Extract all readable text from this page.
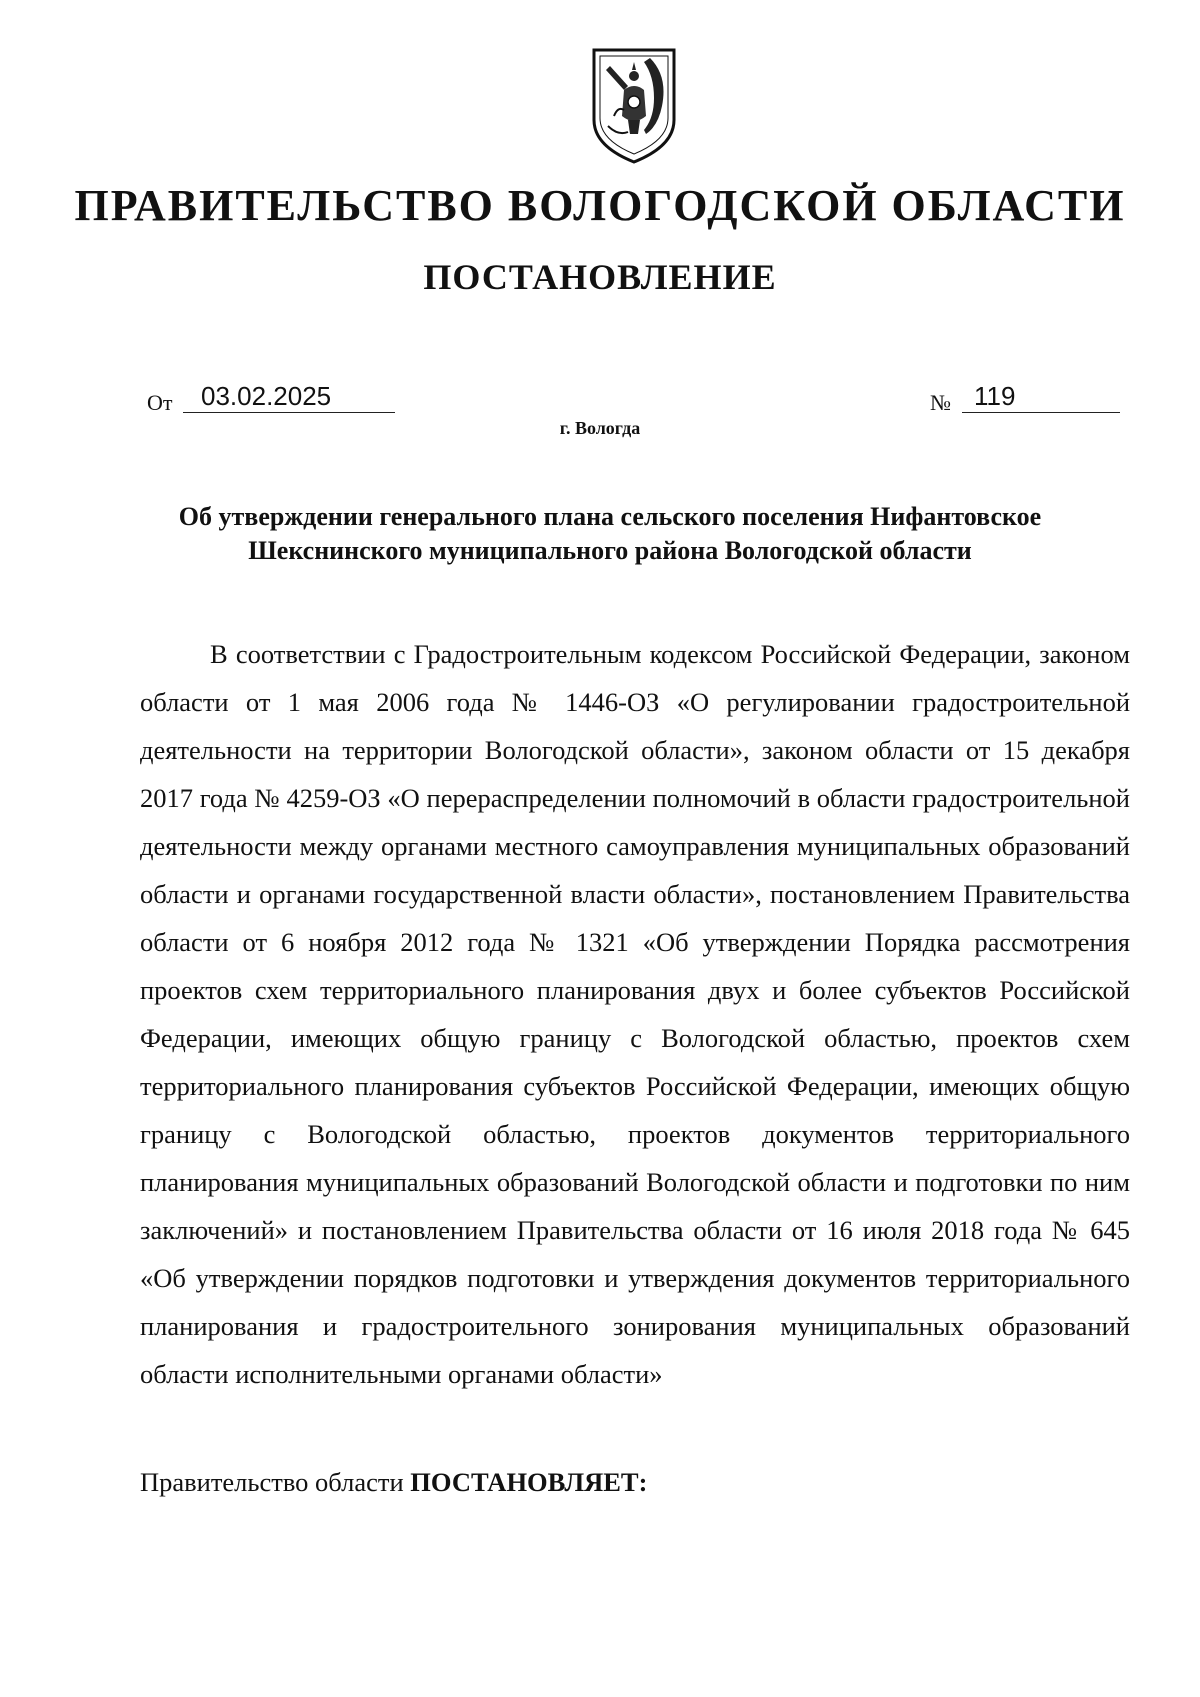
ПРАВИТЕЛЬСТВО ВОЛОГОДСКОЙ ОБЛАСТИ
ПОСТАНОВЛЕНИЕ
От	03.02.2025	№ 119
г. Вологда
Об утверждении генерального плана сельского поселения Нифантовское Шекснинского муниципального района Вологодской области

В соответствии с Градостроительным кодексом Российской Федерации, законом области от 1 мая 2006 года № 1446-ОЗ «О регулировании градостроительной деятельности на территории Вологодской области», законом области от 15 декабря 2017 года № 4259-ОЗ «О перераспределении полномочий в области градостроительной деятельности между органами местного самоуправления муниципальных образований области и органами государственной власти области», постановлением Правительства области от 6 ноября 2012 года № 1321 «Об утверждении Порядка рассмотрения проектов схем территориального планирования двух и более субъектов Российской Федерации, имеющих общую границу с Вологодской областью, проектов схем территориального планирования субъектов Российской Федерации, имеющих общую границу с Вологодской областью, проектов документов территориального планирования муниципальных образований Вологодской области и подготовки по ним заключений» и постановлением Правительства области от 16 июля 2018 года № 645 «Об утверждении порядков подготовки и утверждения документов территориального планирования и градостроительного зонирования муниципальных образований области исполнительными органами области»

Правительство области ПОСТАНОВЛЯЕТ:
